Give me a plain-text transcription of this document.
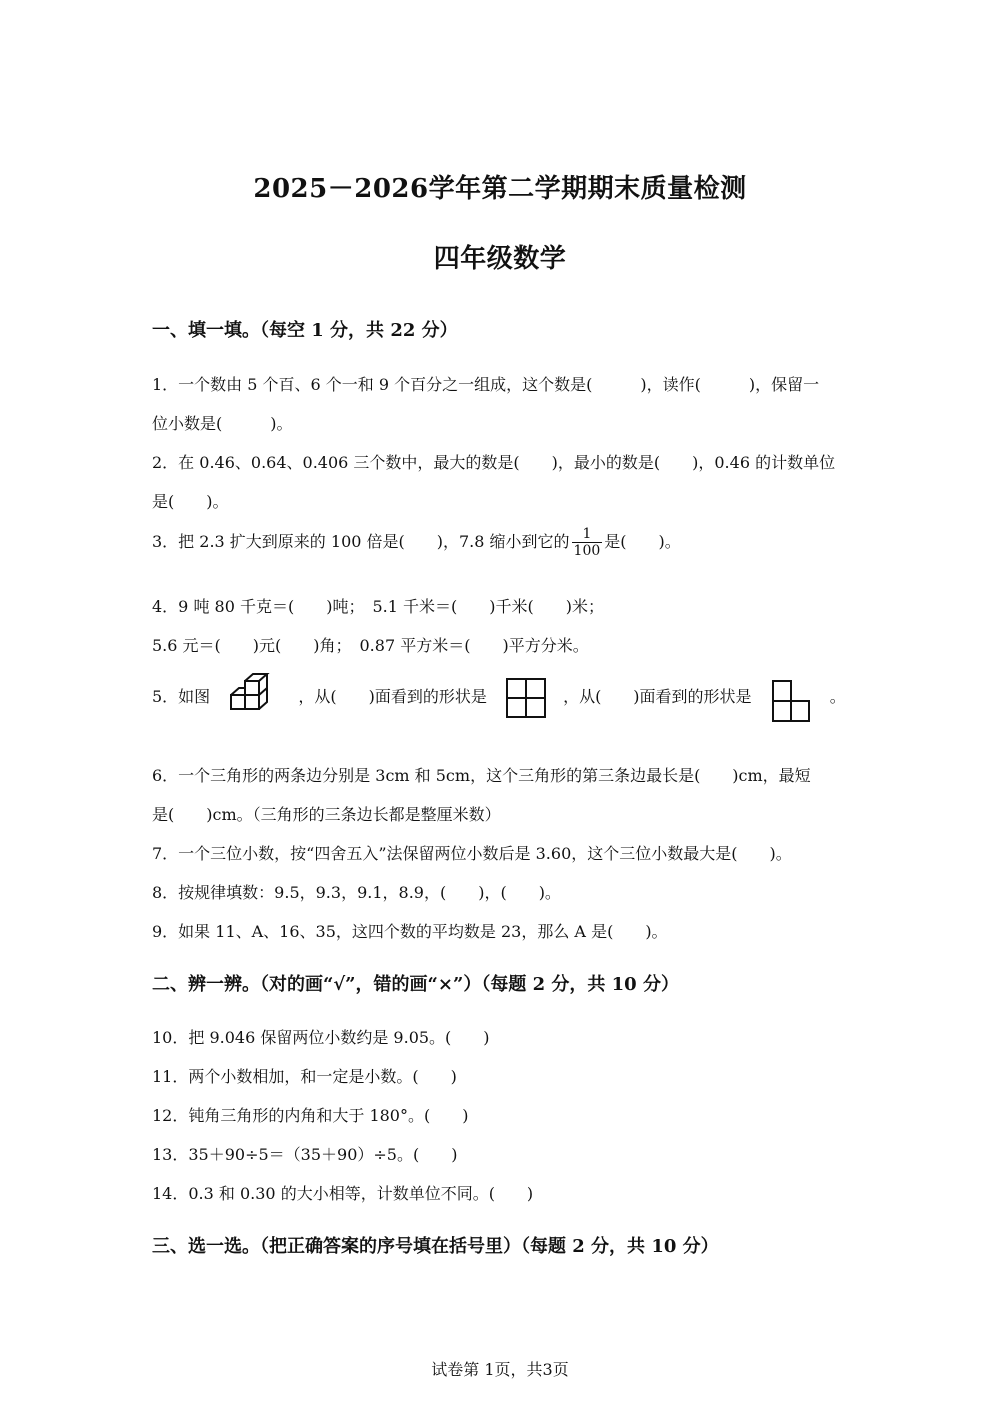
2025－2026学年第二学期期末质量检测
四年级数学
一、填一填。（每空 1 分，共 22 分）
1．一个数由 5 个百、6 个一和 9 个百分之一组成，这个数是(　　　)，读作(　　　)，保留一
位小数是(　　　)。
2．在 0.46、0.64、0.406 三个数中，最大的数是(　　)，最小的数是(　　)，0.46 的计数单位
是(　　)。
3．把 2.3 扩大到原来的 100 倍是(　　)，7.8 缩小到它的 $\frac{1}{100}$ 是(　　)。
4．9 吨 80 千克＝(　　)吨；　5.1 千米＝(　　)千米(　　)米；
5.6 元＝(　　)元(　　)角；　0.87 平方米＝(　　)平方分米。
5．如图	，从(　　)面看到的形状是	，从(　　)面看到的形状是	。
6．一个三角形的两条边分别是 3cm 和 5cm，这个三角形的第三条边最长是(　　)cm，最短
是(　　)cm。（三角形的三条边长都是整厘米数）
7．一个三位小数，按“四舍五入”法保留两位小数后是 3.60，这个三位小数最大是(　　)。
8．按规律填数：9.5，9.3，9.1，8.9，(　　)，(　　)。
9．如果 11、A、16、35，这四个数的平均数是 23，那么 A 是(　　)。
二、辨一辨。（对的画“√”，错的画“×”）（每题 2 分，共 10 分）
10．把 9.046 保留两位小数约是 9.05。(　　)
11．两个小数相加，和一定是小数。(　　)
12．钝角三角形的内角和大于 180°。(　　)
13．35＋90÷5＝（35＋90）÷5。(　　)
14．0.3 和 0.30 的大小相等，计数单位不同。(　　)
三、选一选。（把正确答案的序号填在括号里）（每题 2 分，共 10 分）
试卷第 1页，共3页
